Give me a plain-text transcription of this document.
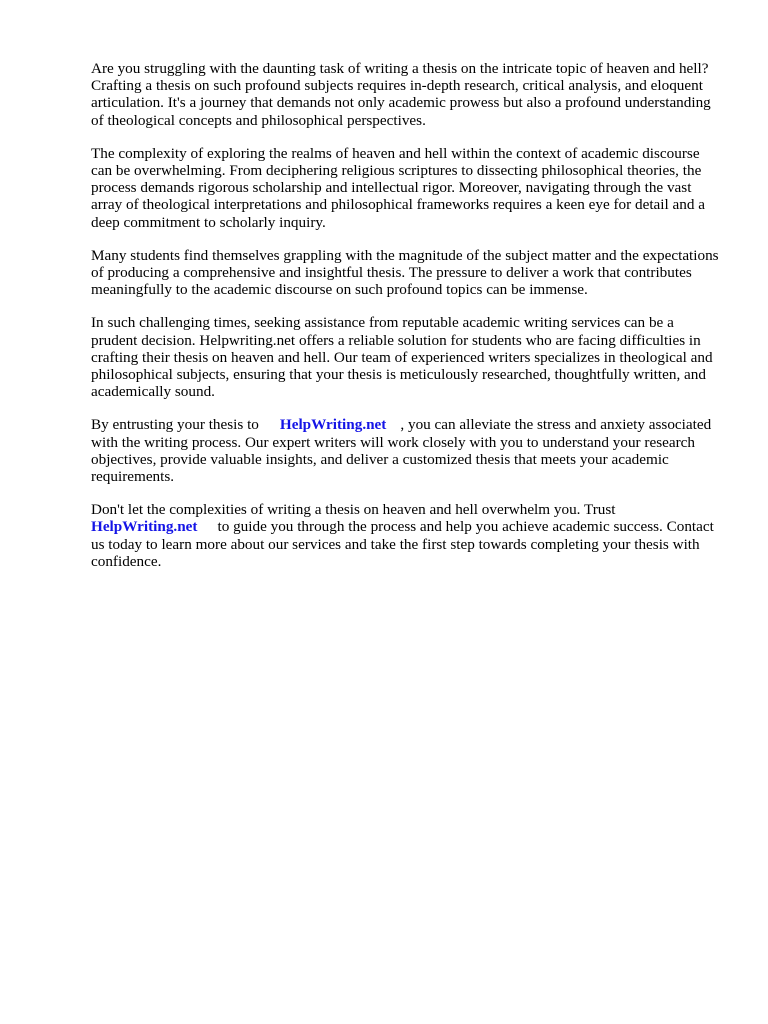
Are you struggling with the daunting task of writing a thesis on the intricate topic of heaven and hell? Crafting a thesis on such profound subjects requires in-depth research, critical analysis, and eloquent articulation. It's a journey that demands not only academic prowess but also a profound understanding of theological concepts and philosophical perspectives.

The complexity of exploring the realms of heaven and hell within the context of academic discourse can be overwhelming. From deciphering religious scriptures to dissecting philosophical theories, the process demands rigorous scholarship and intellectual rigor. Moreover, navigating through the vast array of theological interpretations and philosophical frameworks requires a keen eye for detail and a deep commitment to scholarly inquiry.

Many students find themselves grappling with the magnitude of the subject matter and the expectations of producing a comprehensive and insightful thesis. The pressure to deliver a work that contributes meaningfully to the academic discourse on such profound topics can be immense.

In such challenging times, seeking assistance from reputable academic writing services can be a prudent decision. Helpwriting.net offers a reliable solution for students who are facing difficulties in crafting their thesis on heaven and hell. Our team of experienced writers specializes in theological and philosophical subjects, ensuring that your thesis is meticulously researched, thoughtfully written, and academically sound.

By entrusting your thesis to HelpWriting.net , you can alleviate the stress and anxiety associated with the writing process. Our expert writers will work closely with you to understand your research objectives, provide valuable insights, and deliver a customized thesis that meets your academic requirements.

Don't let the complexities of writing a thesis on heaven and hell overwhelm you. Trust HelpWriting.net to guide you through the process and help you achieve academic success. Contact us today to learn more about our services and take the first step towards completing your thesis with confidence.
